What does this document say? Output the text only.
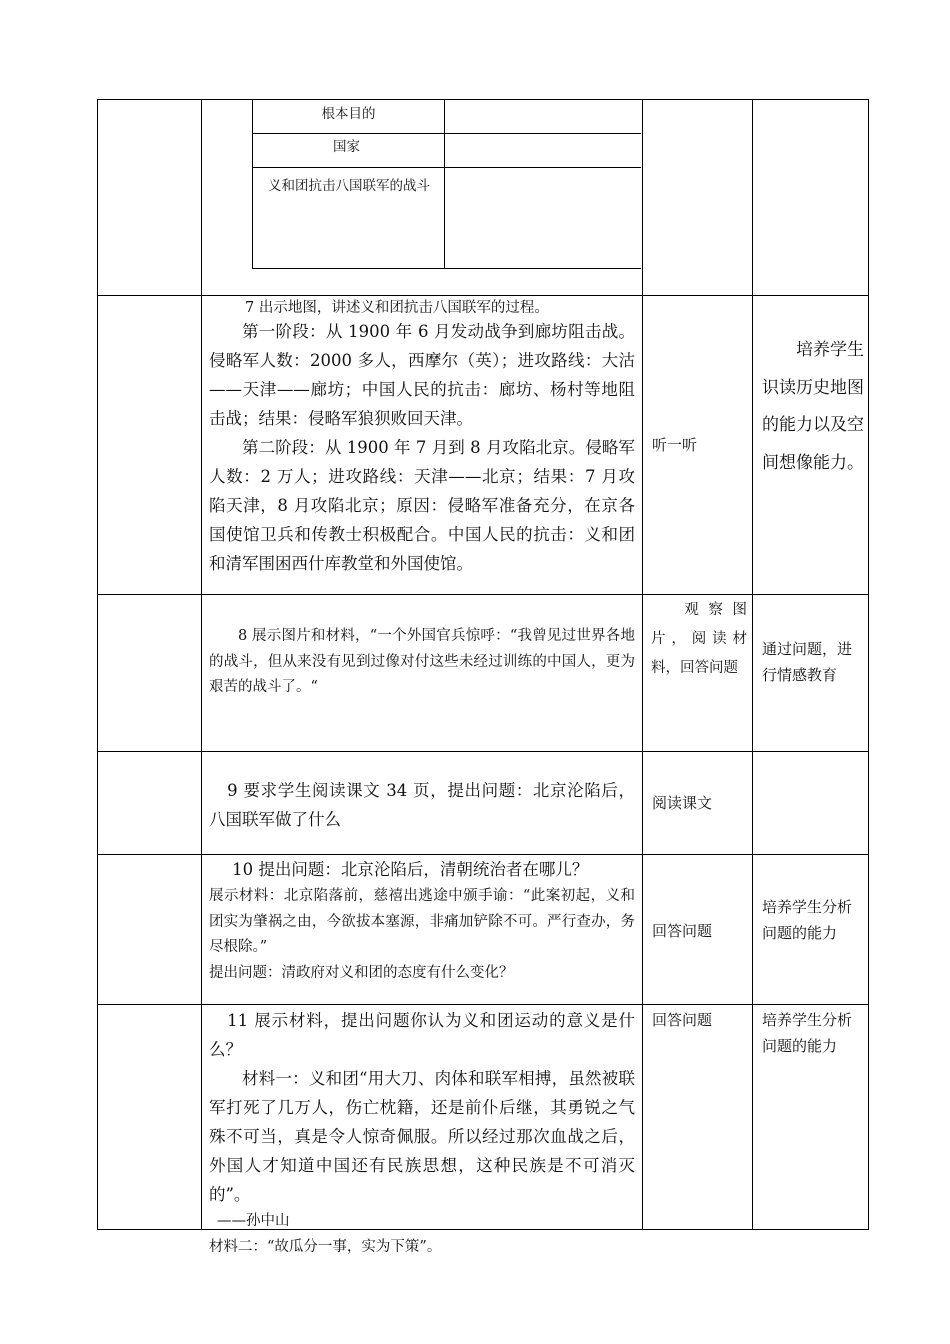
根本目的
国家
义和团抗击八国联军的战斗

7 出示地图，讲述义和团抗击八国联军的过程。

第一阶段：从 1900 年 6 月发动战争到廊坊阻击战。侵略军人数：2000 多人，西摩尔（英）；进攻路线：大沽——天津——廊坊；中国人民的抗击：廊坊、杨村等地阻击战；结果：侵略军狼狈败回天津。

第二阶段：从 1900 年 7 月到 8 月攻陷北京。侵略军人数：2 万人；进攻路线：天津——北京；结果：7 月攻陷天津，8 月攻陷北京；原因：侵略军准备充分，在京各国使馆卫兵和传教士积极配合。中国人民的抗击：义和团和清军围困西什库教堂和外国使馆。

听一听
培养学生识读历史地图的能力以及空间想像能力。

8 展示图片和材料，“一个外国官兵惊呼：“我曾见过世界各地的战斗，但从来没有见到过像对付这些未经过训练的中国人，更为艰苦的战斗了。“

观察图片，阅读材料，回答问题
通过问题，进行情感教育
9 要求学生阅读课文 34 页，提出问题：北京沦陷后，八国联军做了什么
阅读课文

10 提出问题：北京沦陷后，清朝统治者在哪儿？

展示材料：北京陷落前，慈禧出逃途中颁手谕：“此案初起，义和团实为肇祸之由，今欲拔本塞源，非痛加铲除不可。严行查办，务尽根除。”

提出问题：清政府对义和团的态度有什么变化？

回答问题
培养学生分析问题的能力

11 展示材料，提出问题你认为义和团运动的意义是什么？

材料一：义和团“用大刀、肉体和联军相搏，虽然被联军打死了几万人，伤亡枕籍，还是前仆后继，其勇锐之气殊不可当，真是令人惊奇佩服。所以经过那次血战之后，外国人才知道中国还有民族思想，这种民族是不可消灭的”。

——孙中山

材料二：“故瓜分一事，实为下策”。

回答问题	培养学生分析问题的能力
